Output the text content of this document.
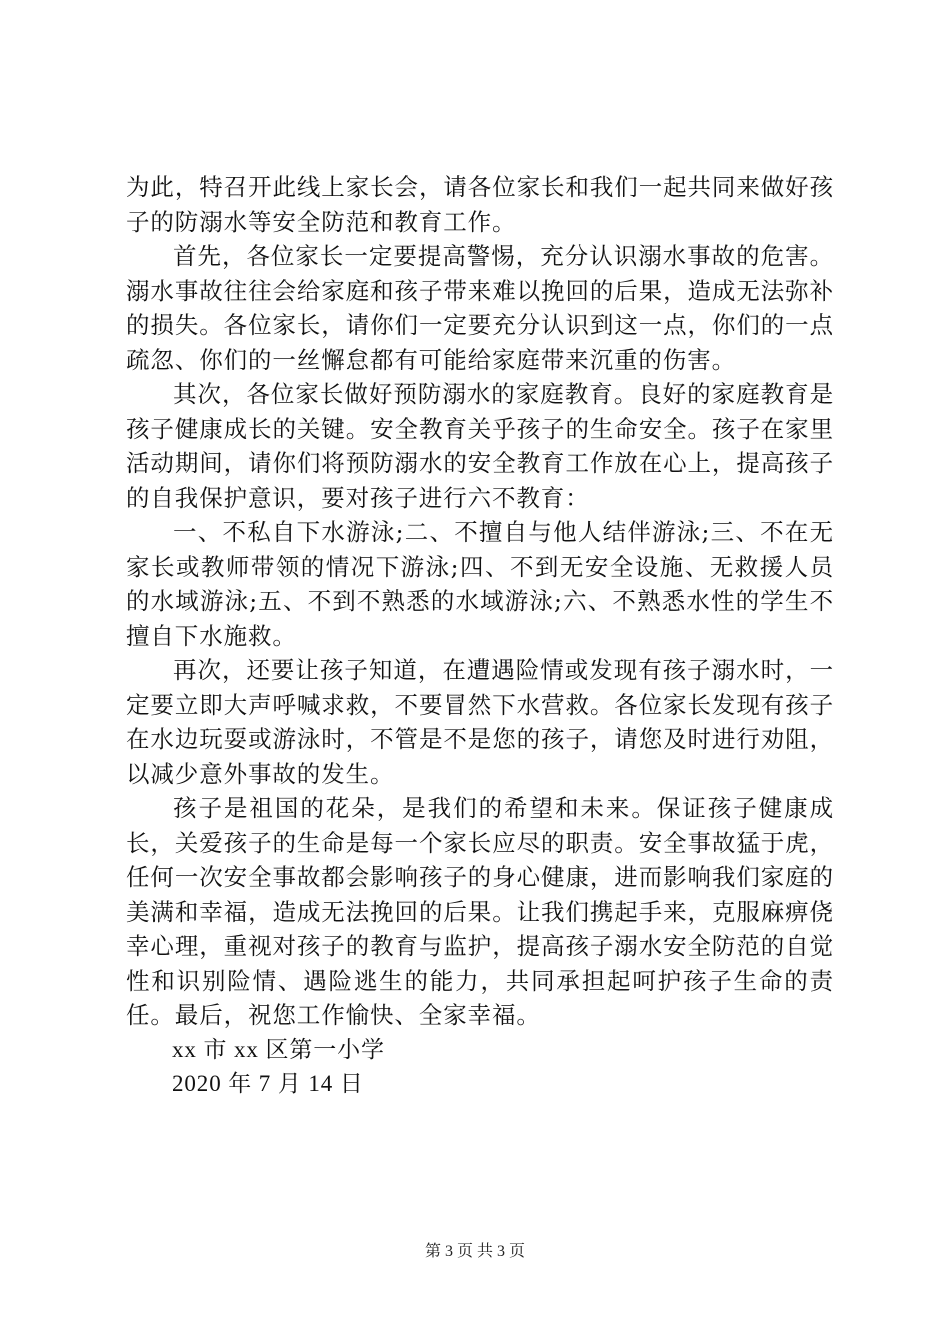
为此，特召开此线上家长会，请各位家长和我们一起共同来做好孩子的防溺水等安全防范和教育工作。

首先，各位家长一定要提高警惕，充分认识溺水事故的危害。溺水事故往往会给家庭和孩子带来难以挽回的后果，造成无法弥补的损失。各位家长，请你们一定要充分认识到这一点，你们的一点疏忽、你们的一丝懈怠都有可能给家庭带来沉重的伤害。

其次，各位家长做好预防溺水的家庭教育。良好的家庭教育是孩子健康成长的关键。安全教育关乎孩子的生命安全。孩子在家里活动期间，请你们将预防溺水的安全教育工作放在心上，提高孩子的自我保护意识，要对孩子进行六不教育：

一、不私自下水游泳;二、不擅自与他人结伴游泳;三、不在无家长或教师带领的情况下游泳;四、不到无安全设施、无救援人员的水域游泳;五、不到不熟悉的水域游泳;六、不熟悉水性的学生不擅自下水施救。

再次，还要让孩子知道，在遭遇险情或发现有孩子溺水时，一定要立即大声呼喊求救，不要冒然下水营救。各位家长发现有孩子在水边玩耍或游泳时，不管是不是您的孩子，请您及时进行劝阻，以减少意外事故的发生。

孩子是祖国的花朵，是我们的希望和未来。保证孩子健康成长，关爱孩子的生命是每一个家长应尽的职责。安全事故猛于虎，任何一次安全事故都会影响孩子的身心健康，进而影响我们家庭的美满和幸福，造成无法挽回的后果。让我们携起手来，克服麻痹侥幸心理，重视对孩子的教育与监护，提高孩子溺水安全防范的自觉性和识别险情、遇险逃生的能力，共同承担起呵护孩子生命的责任。最后，祝您工作愉快、全家幸福。

xx 市 xx 区第一小学

2020 年 7 月 14 日

第 3 页 共 3 页
